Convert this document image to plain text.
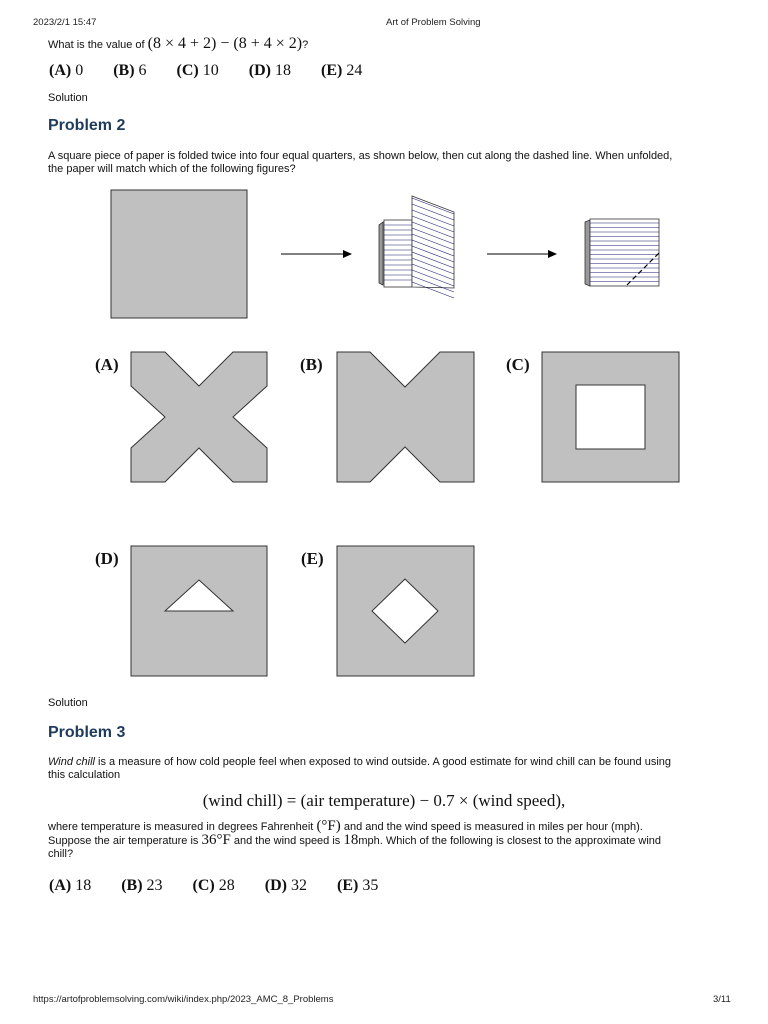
2023/2/1 15:47	Art of Problem Solving
What is the value of (8 × 4 + 2) − (8 + 4 × 2)?
(A) 0 (B) 6 (C) 10 (D) 18 (E) 24
Solution
Problem 2
A square piece of paper is folded twice into four equal quarters, as shown below, then cut along the dashed line. When unfolded,
the paper will match which of the following figures?
(A)	(B)	(C)
(D)	(E)
Solution
Problem 3
Wind chill is a measure of how cold people feel when exposed to wind outside. A good estimate for wind chill can be found using
this calculation
(wind chill) = (air temperature) − 0.7 × (wind speed),
where temperature is measured in degrees Fahrenheit (°F) and and the wind speed is measured in miles per hour (mph).
Suppose the air temperature is 36°F and the wind speed is 18mph. Which of the following is closest to the approximate wind
chill?
(A) 18 (B) 23 (C) 28 (D) 32 (E) 35
https://artofproblemsolving.com/wiki/index.php/2023_AMC_8_Problems	3/11
